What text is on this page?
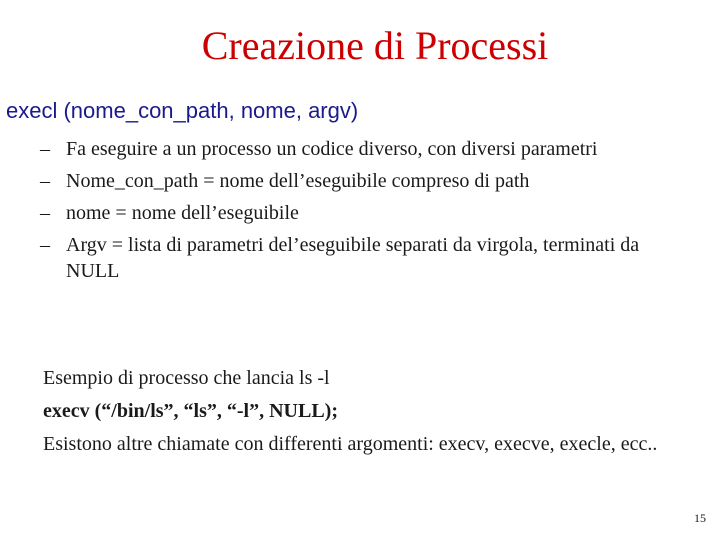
Creazione di Processi
execl (nome_con_path, nome, argv)
– Fa eseguire a un processo un codice diverso, con diversi parametri
– Nome_con_path = nome dell’eseguibile compreso di path
– nome = nome dell’eseguibile
– Argv = lista di parametri del’eseguibile separati da virgola, terminati da NULL

Esempio di processo che lancia ls -l

execv (“/bin/ls”, “ls”, “-l”, NULL);

Esistono altre chiamate con differenti argomenti: execv, execve, execle, ecc..

15
